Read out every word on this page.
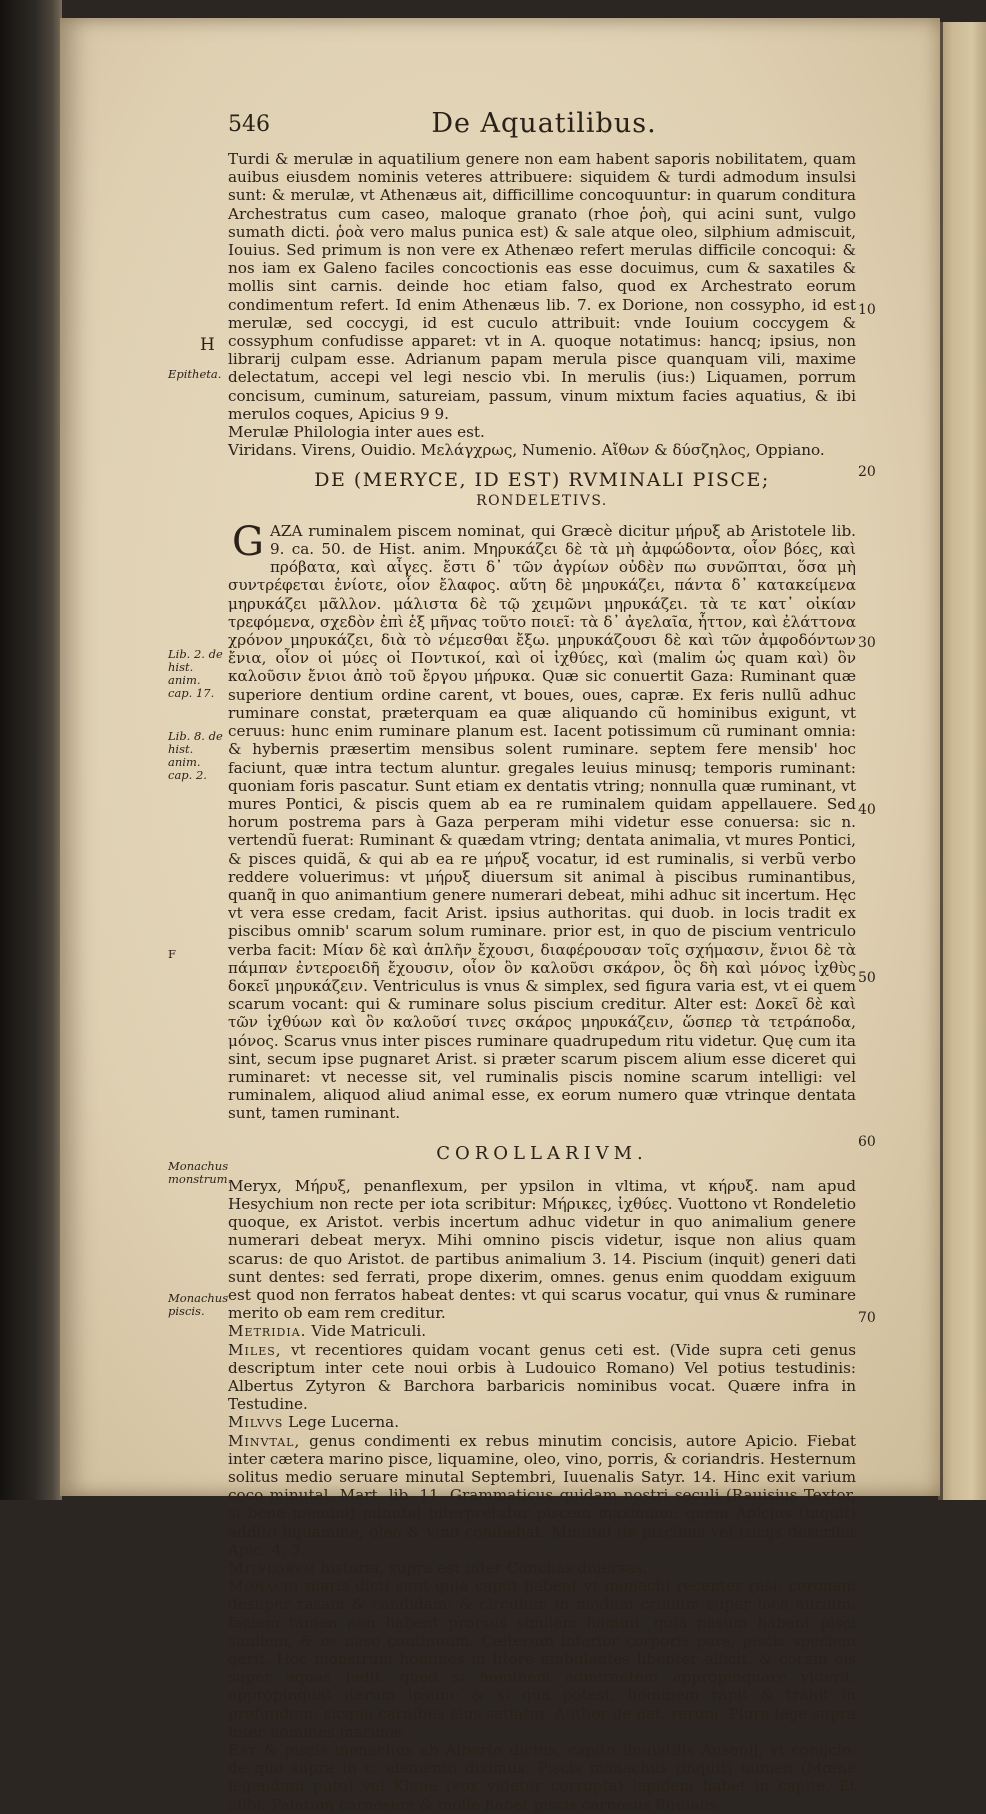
546	De Aquatilibus.
H
Epitheta.
Lib. 2. de hist. anim. cap. 17.
Lib. 8. de hist. anim. cap. 2.
F
Monachus monstrum.
Monachus piscis.
10
20
30
40
50
60
70

Turdi & merulæ in aquatilium genere non eam habent saporis nobilitatem, quam auibus eiusdem nominis veteres attribuere: siquidem & turdi admodum insulsi sunt: & merulæ, vt Athenæus ait, difficillime concoquuntur: in quarum conditura Archestratus cum caseo, maloque granato (rhoe ῥοὴ, qui acini sunt, vulgo sumath dicti. ῥοὰ vero malus punica est) & sale atque oleo, silphium admiscuit, Iouius. Sed primum is non vere ex Athenæo refert merulas difficile concoqui: & nos iam ex Galeno faciles concoctionis eas esse docuimus, cum & saxatiles & mollis sint carnis. deinde hoc etiam falso, quod ex Archestrato eorum condimentum refert. Id enim Athenæus lib. 7. ex Dorione, non cossypho, id est merulæ, sed coccygi, id est cuculo attribuit: vnde Iouium coccygem & cossyphum confudisse apparet: vt in A. quoque notatimus: hancq; ipsius, non librarij culpam esse. Adrianum papam merula pisce quanquam vili, maxime delectatum, accepi vel legi nescio vbi. In merulis (ius:) Liquamen, porrum concisum, cuminum, satureiam, passum, vinum mixtum facies aquatius, & ibi merulos coques, Apicius 9 9.

Merulæ Philologia inter aues est.

Viridans. Virens, Ouidio. Μελάγχρως, Numenio. Αἴθων & δύσζηλος, Oppiano.

DE (MERYCE, ID EST) RVMINALI PISCE;
RONDELETIVS.

GAZA ruminalem piscem nominat, qui Græcè dicitur μήρυξ ab Aristotele lib. 9. ca. 50. de Hist. anim. Μηρυκάζει δὲ τὰ μὴ ἀμφώδοντα, οἷον βόες, καὶ πρόβατα, καὶ αἶγες. ἔστι δ᾽ τῶν ἀγρίων οὐδὲν πω συνῶπται, ὅσα μὴ συντρέφεται ἐνίοτε, οἷον ἔλαφος. αὕτη δὲ μηρυκάζει, πάντα δ᾽ κατακείμενα μηρυκάζει μᾶλλον. μάλιστα δὲ τῷ χειμῶνι μηρυκάζει. τὰ τε κατ᾽ οἰκίαν τρεφόμενα, σχεδὸν ἐπὶ ἑξ μῆνας τοῦτο ποιεῖ: τὰ δ᾽ ἀγελαῖα, ἧττον, καὶ ἐλάττονα χρόνον μηρυκάζει, διὰ τὸ νέμεσθαι ἔξω. μηρυκάζουσι δὲ καὶ τῶν ἀμφοδόντων ἔνια, οἷον οἱ μύες οἱ Ποντικοί, καὶ οἱ ἰχθύες, καὶ (malim ὡς quam καὶ) ὃν καλοῦσιν ἔνιοι ἀπὸ τοῦ ἔργου μήρυκα. Quæ sic conuertit Gaza: Ruminant quæ superiore dentium ordine carent, vt boues, oues, capræ. Ex feris nullũ adhuc ruminare constat, præterquam ea quæ aliquando cũ hominibus exigunt, vt ceruus: hunc enim ruminare planum est. Iacent potissimum cũ ruminant omnia: & hybernis præsertim mensibus solent ruminare. septem fere mensib' hoc faciunt, quæ intra tectum aluntur. gregales leuius minusq; temporis ruminant: quoniam foris pascatur. Sunt etiam ex dentatis vtring; nonnulla quæ ruminant, vt mures Pontici, & piscis quem ab ea re ruminalem quidam appellauere. Sed horum postrema pars à Gaza perperam mihi videtur esse conuersa: sic n. vertendũ fuerat: Ruminant & quædam vtring; dentata animalia, vt mures Pontici, & pisces quidã, & qui ab ea re μήρυξ vocatur, id est ruminalis, si verbũ verbo reddere voluerimus: vt μήρυξ diuersum sit animal à piscibus ruminantibus, quanq̃ in quo animantium genere numerari debeat, mihi adhuc sit incertum. Hęc vt vera esse credam, facit Arist. ipsius authoritas. qui duob. in locis tradit ex piscibus omnib' scarum solum ruminare. prior est, in quo de piscium ventriculo verba facit: Μίαν δὲ καὶ ἁπλῆν ἔχουσι, διαφέρουσαν τοῖς σχήμασιν, ἔνιοι δὲ τὰ πάμπαν ἐντεροειδῆ ἔχουσιν, οἷον ὃν καλοῦσι σκάρον, ὃς δὴ καὶ μόνος ἰχθὺς δοκεῖ μηρυκάζειν. Ventriculus is vnus & simplex, sed figura varia est, vt ei quem scarum vocant: qui & ruminare solus piscium creditur. Alter est: Δοκεῖ δὲ καὶ τῶν ἰχθύων καὶ ὃν καλοῦσί τινες σκάρος μηρυκάζειν, ὥσπερ τὰ τετράποδα, μόνος. Scarus vnus inter pisces ruminare quadrupedum ritu videtur. Quę cum ita sint, secum ipse pugnaret Arist. si præter scarum piscem alium esse diceret qui ruminaret: vt necesse sit, vel ruminalis piscis nomine scarum intelligi: vel ruminalem, aliquod aliud animal esse, ex eorum numero quæ vtrinque dentata sunt, tamen ruminant.

COROLLARIVM.

Meryx, Μήρυξ, penanflexum, per ypsilon in vltima, vt κήρυξ. nam apud Hesychium non recte per iota scribitur: Μήρικες, ἰχθύες. Vuottono vt Rondeletio quoque, ex Aristot. verbis incertum adhuc videtur in quo animalium genere numerari debeat meryx. Mihi omnino piscis videtur, isque non alius quam scarus: de quo Aristot. de partibus animalium 3. 14. Piscium (inquit) generi dati sunt dentes: sed ferrati, prope dixerim, omnes. genus enim quoddam exiguum est quod non ferratos habeat dentes: vt qui scarus vocatur, qui vnus & ruminare merito ob eam rem creditur.

Metridia. Vide Matriculi.

Miles, vt recentiores quidam vocant genus ceti est. (Vide supra ceti genus descriptum inter cete noui orbis à Ludouico Romano) Vel potius testudinis: Albertus Zytyron & Barchora barbaricis nominibus vocat. Quære infra in Testudine.

Milvvs Lege Lucerna.

Minvtal, genus condimenti ex rebus minutim concisis, autore Apicio. Fiebat inter cætera marino pisce, liquamine, oleo, vino, porris, & coriandris. Hesternum solitus medio seruare minutal Septembri, Iuuenalis Satyr. 14. Hinc exit varium coco minutal, Mart. lib. 11. Grammaticus quidam nostri seculi (Rauisius Textor, si bene memini) minutal interpretatur piscem maximum: quem Apicius (inquit) addito liquamine, oleo & vino condiebat. Minutal de piscibus vel isicijs describit Apic. 4. 3.

Mitvlorvm historia, supra est inter Conchas diuersas.

Monachi maris dicti sunt quia caput habent vt monachi recenter rasi: coronam desuper rasam & candidam: & circulum in modum crinium super loca aurium: faciem tamen non habent prorsus similem homini: quia nasum habent pisci similem, & os naso continuum. Cæterum inferior corporis pars, piscis speciem gerit. Hoc monstrum homines in litore ambulantes libenter allicit, & coram eis super aquas ludit. quod si hominem admirantem appropinquare viderit, appropinquat iterum ipsum: & si qua potest, hominem rapit & trahit in profundum: sicque carnibus eius satiatur, Author de nat. rerum. Plura lege supra inter homines marinos.

Est & piscis monachus ab Alberto dictus, capito fluuiatilis Ausonij, vt conijcio: de quo supra in c. elemento diximus. Piscis monachus (inquit) numen (Mœne legendum puto) vel Klane (vox videtur corrupta) lapidem habet in capite. Et alibi: Palatum carnosum & molle habet piscis carnosus fluuialis,
